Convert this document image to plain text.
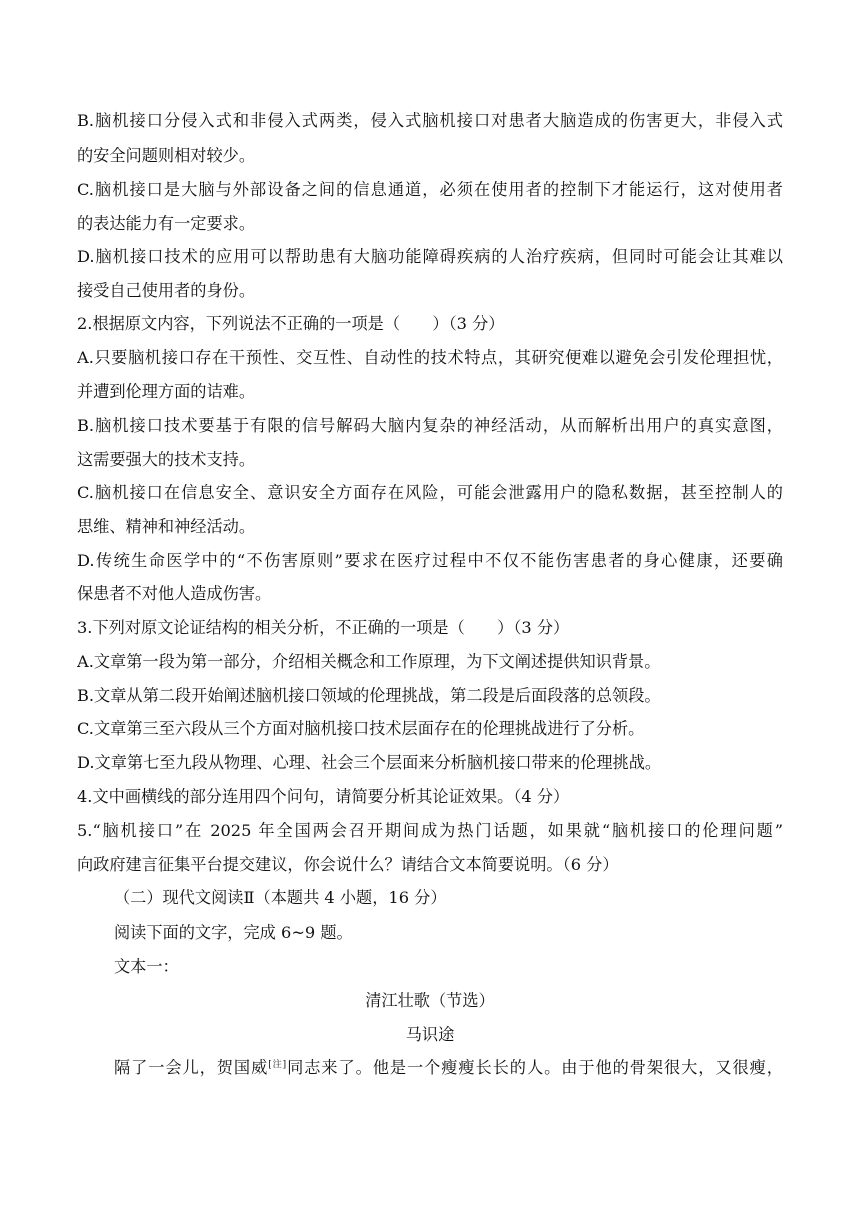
B.脑机接口分侵入式和非侵入式两类，侵入式脑机接口对患者大脑造成的伤害更大，非侵入式
的安全问题则相对较少。
C.脑机接口是大脑与外部设备之间的信息通道，必须在使用者的控制下才能运行，这对使用者
的表达能力有一定要求。
D.脑机接口技术的应用可以帮助患有大脑功能障碍疾病的人治疗疾病，但同时可能会让其难以
接受自己使用者的身份。
2.根据原文内容，下列说法不正确的一项是（　　）（3 分）
A.只要脑机接口存在干预性、交互性、自动性的技术特点，其研究便难以避免会引发伦理担忧，
并遭到伦理方面的诘难。
B.脑机接口技术要基于有限的信号解码大脑内复杂的神经活动，从而解析出用户的真实意图，
这需要强大的技术支持。
C.脑机接口在信息安全、意识安全方面存在风险，可能会泄露用户的隐私数据，甚至控制人的
思维、精神和神经活动。
D.传统生命医学中的“不伤害原则”要求在医疗过程中不仅不能伤害患者的身心健康，还要确
保患者不对他人造成伤害。
3.下列对原文论证结构的相关分析，不正确的一项是（　　）（3 分）
A.文章第一段为第一部分，介绍相关概念和工作原理，为下文阐述提供知识背景。
B.文章从第二段开始阐述脑机接口领域的伦理挑战，第二段是后面段落的总领段。
C.文章第三至六段从三个方面对脑机接口技术层面存在的伦理挑战进行了分析。
D.文章第七至九段从物理、心理、社会三个层面来分析脑机接口带来的伦理挑战。
4.文中画横线的部分连用四个问句，请简要分析其论证效果。（4 分）
5.“脑机接口”在 2025 年全国两会召开期间成为热门话题，如果就“脑机接口的伦理问题”
向政府建言征集平台提交建议，你会说什么？请结合文本简要说明。（6 分）
（二）现代文阅读Ⅱ（本题共 4 小题，16 分）
阅读下面的文字，完成 6~9 题。
文本一：
清江壮歌（节选）
马识途
隔了一会儿，贺国威[注]同志来了。他是一个瘦瘦长长的人。由于他的骨架很大，又很瘦，
